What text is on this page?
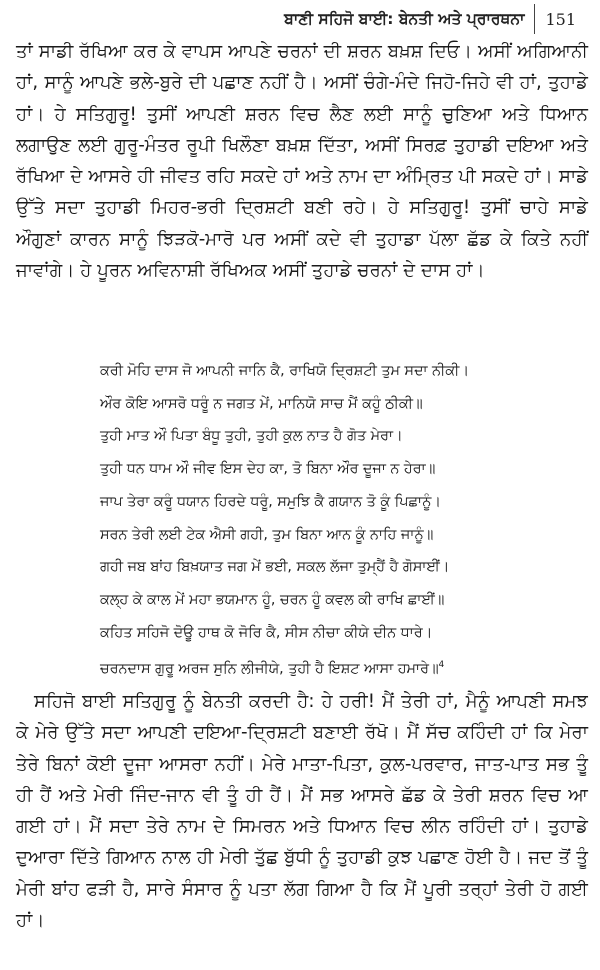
ਬਾਣੀ ਸਹਿਜੋ ਬਾਈ: ਬੇਨਤੀ ਅਤੇ ਪ੍ਰਾਰਥਨਾ 151

ਤਾਂ ਸਾਡੀ ਰੱਖਿਆ ਕਰ ਕੇ ਵਾਪਸ ਆਪਣੇ ਚਰਨਾਂ ਦੀ ਸ਼ਰਨ ਬਖ਼ਸ਼ ਦਿਓ। ਅਸੀਂ ਅਗਿਆਨੀ ਹਾਂ, ਸਾਨੂੰ ਆਪਣੇ ਭਲੇ-ਬੁਰੇ ਦੀ ਪਛਾਣ ਨਹੀਂ ਹੈ। ਅਸੀਂ ਚੰਗੇ-ਮੰਦੇ ਜਿਹੋ-ਜਿਹੇ ਵੀ ਹਾਂ, ਤੁਹਾਡੇ ਹਾਂ। ਹੇ ਸਤਿਗੁਰੂ! ਤੁਸੀਂ ਆਪਣੀ ਸ਼ਰਨ ਵਿਚ ਲੈਣ ਲਈ ਸਾਨੂੰ ਚੁਣਿਆ ਅਤੇ ਧਿਆਨ ਲਗਾਉਣ ਲਈ ਗੁਰੂ-ਮੰਤਰ ਰੂਪੀ ਖਿਲੌਣਾ ਬਖ਼ਸ਼ ਦਿੱਤਾ, ਅਸੀਂ ਸਿਰਫ਼ ਤੁਹਾਡੀ ਦਇਆ ਅਤੇ ਰੱਖਿਆ ਦੇ ਆਸਰੇ ਹੀ ਜੀਵਤ ਰਹਿ ਸਕਦੇ ਹਾਂ ਅਤੇ ਨਾਮ ਦਾ ਅੰਮ੍ਰਿਤ ਪੀ ਸਕਦੇ ਹਾਂ। ਸਾਡੇ ਉੱਤੇ ਸਦਾ ਤੁਹਾਡੀ ਮਿਹਰ-ਭਰੀ ਦ੍ਰਿਸ਼ਟੀ ਬਣੀ ਰਹੇ। ਹੇ ਸਤਿਗੁਰੂ! ਤੁਸੀਂ ਚਾਹੇ ਸਾਡੇ ਔਗੁਣਾਂ ਕਾਰਨ ਸਾਨੂੰ ਝਿੜਕੋ-ਮਾਰੋ ਪਰ ਅਸੀਂ ਕਦੇ ਵੀ ਤੁਹਾਡਾ ਪੱਲਾ ਛੱਡ ਕੇ ਕਿਤੇ ਨਹੀਂ ਜਾਵਾਂਗੇ। ਹੇ ਪੂਰਨ ਅਵਿਨਾਸ਼ੀ ਰੱਖਿਅਕ ਅਸੀਂ ਤੁਹਾਡੇ ਚਰਨਾਂ ਦੇ ਦਾਸ ਹਾਂ।

ਕਰੀ ਮੋਹਿ ਦਾਸ ਜੋ ਆਪਨੀ ਜਾਨਿ ਕੈ, ਰਾਖਿਯੋ ਦ੍ਰਿਸ਼ਟੀ ਤੁਮ ਸਦਾ ਨੀਕੀ।
ਔਰ ਕੋਇ ਆਸਰੋ ਧਰੂੰ ਨ ਜਗਤ ਮੇਂ, ਮਾਨਿਯੋ ਸਾਚ ਮੈਂ ਕਹੂੰ ਠੀਕੀ॥
ਤੁਹੀ ਮਾਤ ਔ ਪਿਤਾ ਬੰਧੂ ਤੁਹੀ, ਤੁਹੀ ਕੁਲ ਨਾਤ ਹੈ ਗੋਤ ਮੇਰਾ।
ਤੁਹੀ ਧਨ ਧਾਮ ਔ ਜੀਵ ਇਸ ਦੇਹ ਕਾ, ਤੋ ਬਿਨਾ ਔਰ ਦੂਜਾ ਨ ਹੇਰਾ॥
ਜਾਪ ਤੇਰਾ ਕਰੂੰ ਧਯਾਨ ਹਿਰਦੇ ਧਰੂੰ, ਸਮੁਝਿ ਕੈ ਗਯਾਨ ਤੋ ਕੂੰ ਪਿਛਾਨੂੰ।
ਸਰਨ ਤੇਰੀ ਲਈ ਟੇਕ ਐਸੀ ਗਹੀ, ਤੁਮ ਬਿਨਾ ਆਨ ਕੂੰ ਨਾਹਿ ਜਾਨੂੰ॥
ਗਹੀ ਜਬ ਬਾਂਹ ਬਿਖ਼ਯਾਤ ਜਗ ਮੇਂ ਭਈ, ਸਕਲ ਲੱਜਾ ਤੁਮ੍ਹੈਂ ਹੈ ਗੋਸਾਈਂ।
ਕਲ੍ਹ ਕੇ ਕਾਲ ਮੇਂ ਮਹਾ ਭਯਮਾਨ ਹੂੰ, ਚਰਨ ਹੂੰ ਕਵਲ ਕੀ ਰਾਖਿ ਛਾਈਂ॥
ਕਹਿਤ ਸਹਿਜੋ ਦੋਊ ਹਾਥ ਕੋ ਜੋਰਿ ਕੈ, ਸੀਸ ਨੀਚਾ ਕੀਯੇ ਦੀਨ ਧਾਰੇ।
ਚਰਨਦਾਸ ਗੁਰੂ ਅਰਜ ਸੁਨਿ ਲੀਜੀਯੇ, ਤੁਹੀ ਹੈ ਇਸ਼ਟ ਆਸਾ ਹਮਾਰੇ॥$^4$

ਸਹਿਜੋ ਬਾਈ ਸਤਿਗੁਰੂ ਨੂੰ ਬੇਨਤੀ ਕਰਦੀ ਹੈ: ਹੇ ਹਰੀ! ਮੈਂ ਤੇਰੀ ਹਾਂ, ਮੈਨੂੰ ਆਪਣੀ ਸਮਝ ਕੇ ਮੇਰੇ ਉੱਤੇ ਸਦਾ ਆਪਣੀ ਦਇਆ-ਦ੍ਰਿਸ਼ਟੀ ਬਣਾਈ ਰੱਖੋ। ਮੈਂ ਸੱਚ ਕਹਿੰਦੀ ਹਾਂ ਕਿ ਮੇਰਾ ਤੇਰੇ ਬਿਨਾਂ ਕੋਈ ਦੂਜਾ ਆਸਰਾ ਨਹੀਂ। ਮੇਰੇ ਮਾਤਾ-ਪਿਤਾ, ਕੁਲ-ਪਰਵਾਰ, ਜਾਤ-ਪਾਤ ਸਭ ਤੂੰ ਹੀ ਹੈਂ ਅਤੇ ਮੇਰੀ ਜਿੰਦ-ਜਾਨ ਵੀ ਤੂੰ ਹੀ ਹੈਂ। ਮੈਂ ਸਭ ਆਸਰੇ ਛੱਡ ਕੇ ਤੇਰੀ ਸ਼ਰਨ ਵਿਚ ਆ ਗਈ ਹਾਂ। ਮੈਂ ਸਦਾ ਤੇਰੇ ਨਾਮ ਦੇ ਸਿਮਰਨ ਅਤੇ ਧਿਆਨ ਵਿਚ ਲੀਨ ਰਹਿੰਦੀ ਹਾਂ। ਤੁਹਾਡੇ ਦੁਆਰਾ ਦਿੱਤੇ ਗਿਆਨ ਨਾਲ ਹੀ ਮੇਰੀ ਤੁੱਛ ਬੁੱਧੀ ਨੂੰ ਤੁਹਾਡੀ ਕੁਝ ਪਛਾਣ ਹੋਈ ਹੈ। ਜਦ ਤੋਂ ਤੂੰ ਮੇਰੀ ਬਾਂਹ ਫੜੀ ਹੈ, ਸਾਰੇ ਸੰਸਾਰ ਨੂੰ ਪਤਾ ਲੱਗ ਗਿਆ ਹੈ ਕਿ ਮੈਂ ਪੂਰੀ ਤਰ੍ਹਾਂ ਤੇਰੀ ਹੋ ਗਈ ਹਾਂ।
